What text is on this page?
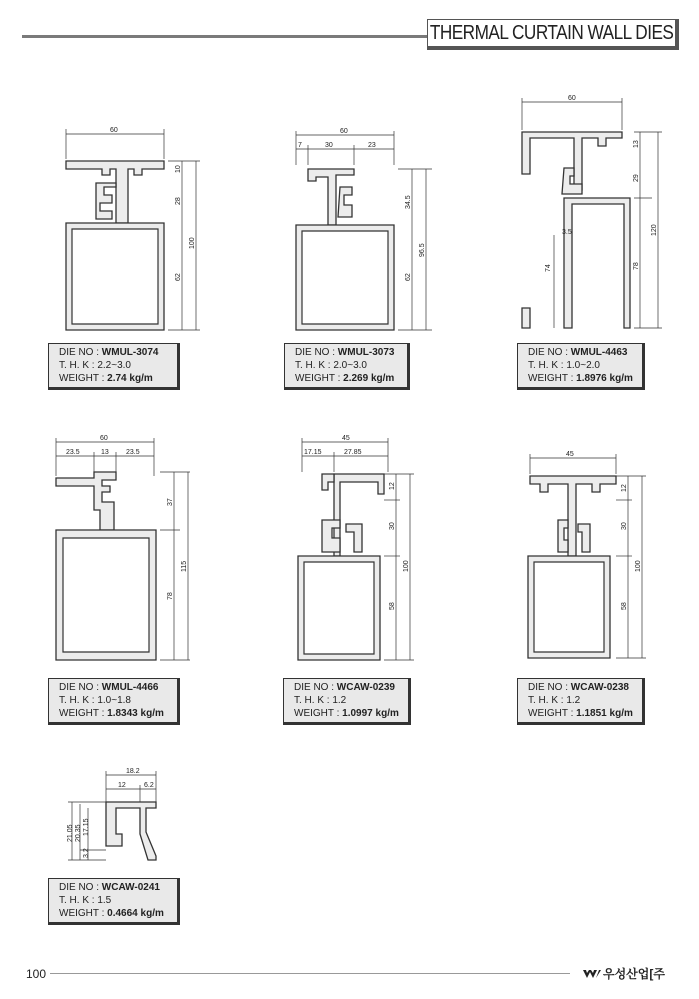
THERMAL CURTAIN WALL DIES
60
10
28
62
100
DIE NO : WMUL-3074
T. H. K : 2.2~3.0
WEIGHT : 2.74 kg/m
60
7	30	23
34.5
62
96.5
DIE NO : WMUL-3073
T. H. K : 2.0~3.0
WEIGHT : 2.269 kg/m
60
74
3.5
13
29
78
120
DIE NO : WMUL-4463
T. H. K : 1.0~2.0
WEIGHT : 1.8976 kg/m
60
23.5	13 23.5
37
78
115
DIE NO : WMUL-4466
T. H. K : 1.0~1.8
WEIGHT : 1.8343 kg/m
45
17.15	27.85
12
30
58
100
DIE NO : WCAW-0239
T. H. K : 1.2
WEIGHT : 1.0997 kg/m
45
12
30
58
100
DIE NO : WCAW-0238
T. H. K : 1.2
WEIGHT : 1.1851 kg/m
18.2
12	6.2
21.05 20.35 17.15
3.2
DIE NO : WCAW-0241
T. H. K : 1.5
WEIGHT : 0.4664 kg/m
100	우성산업[주
